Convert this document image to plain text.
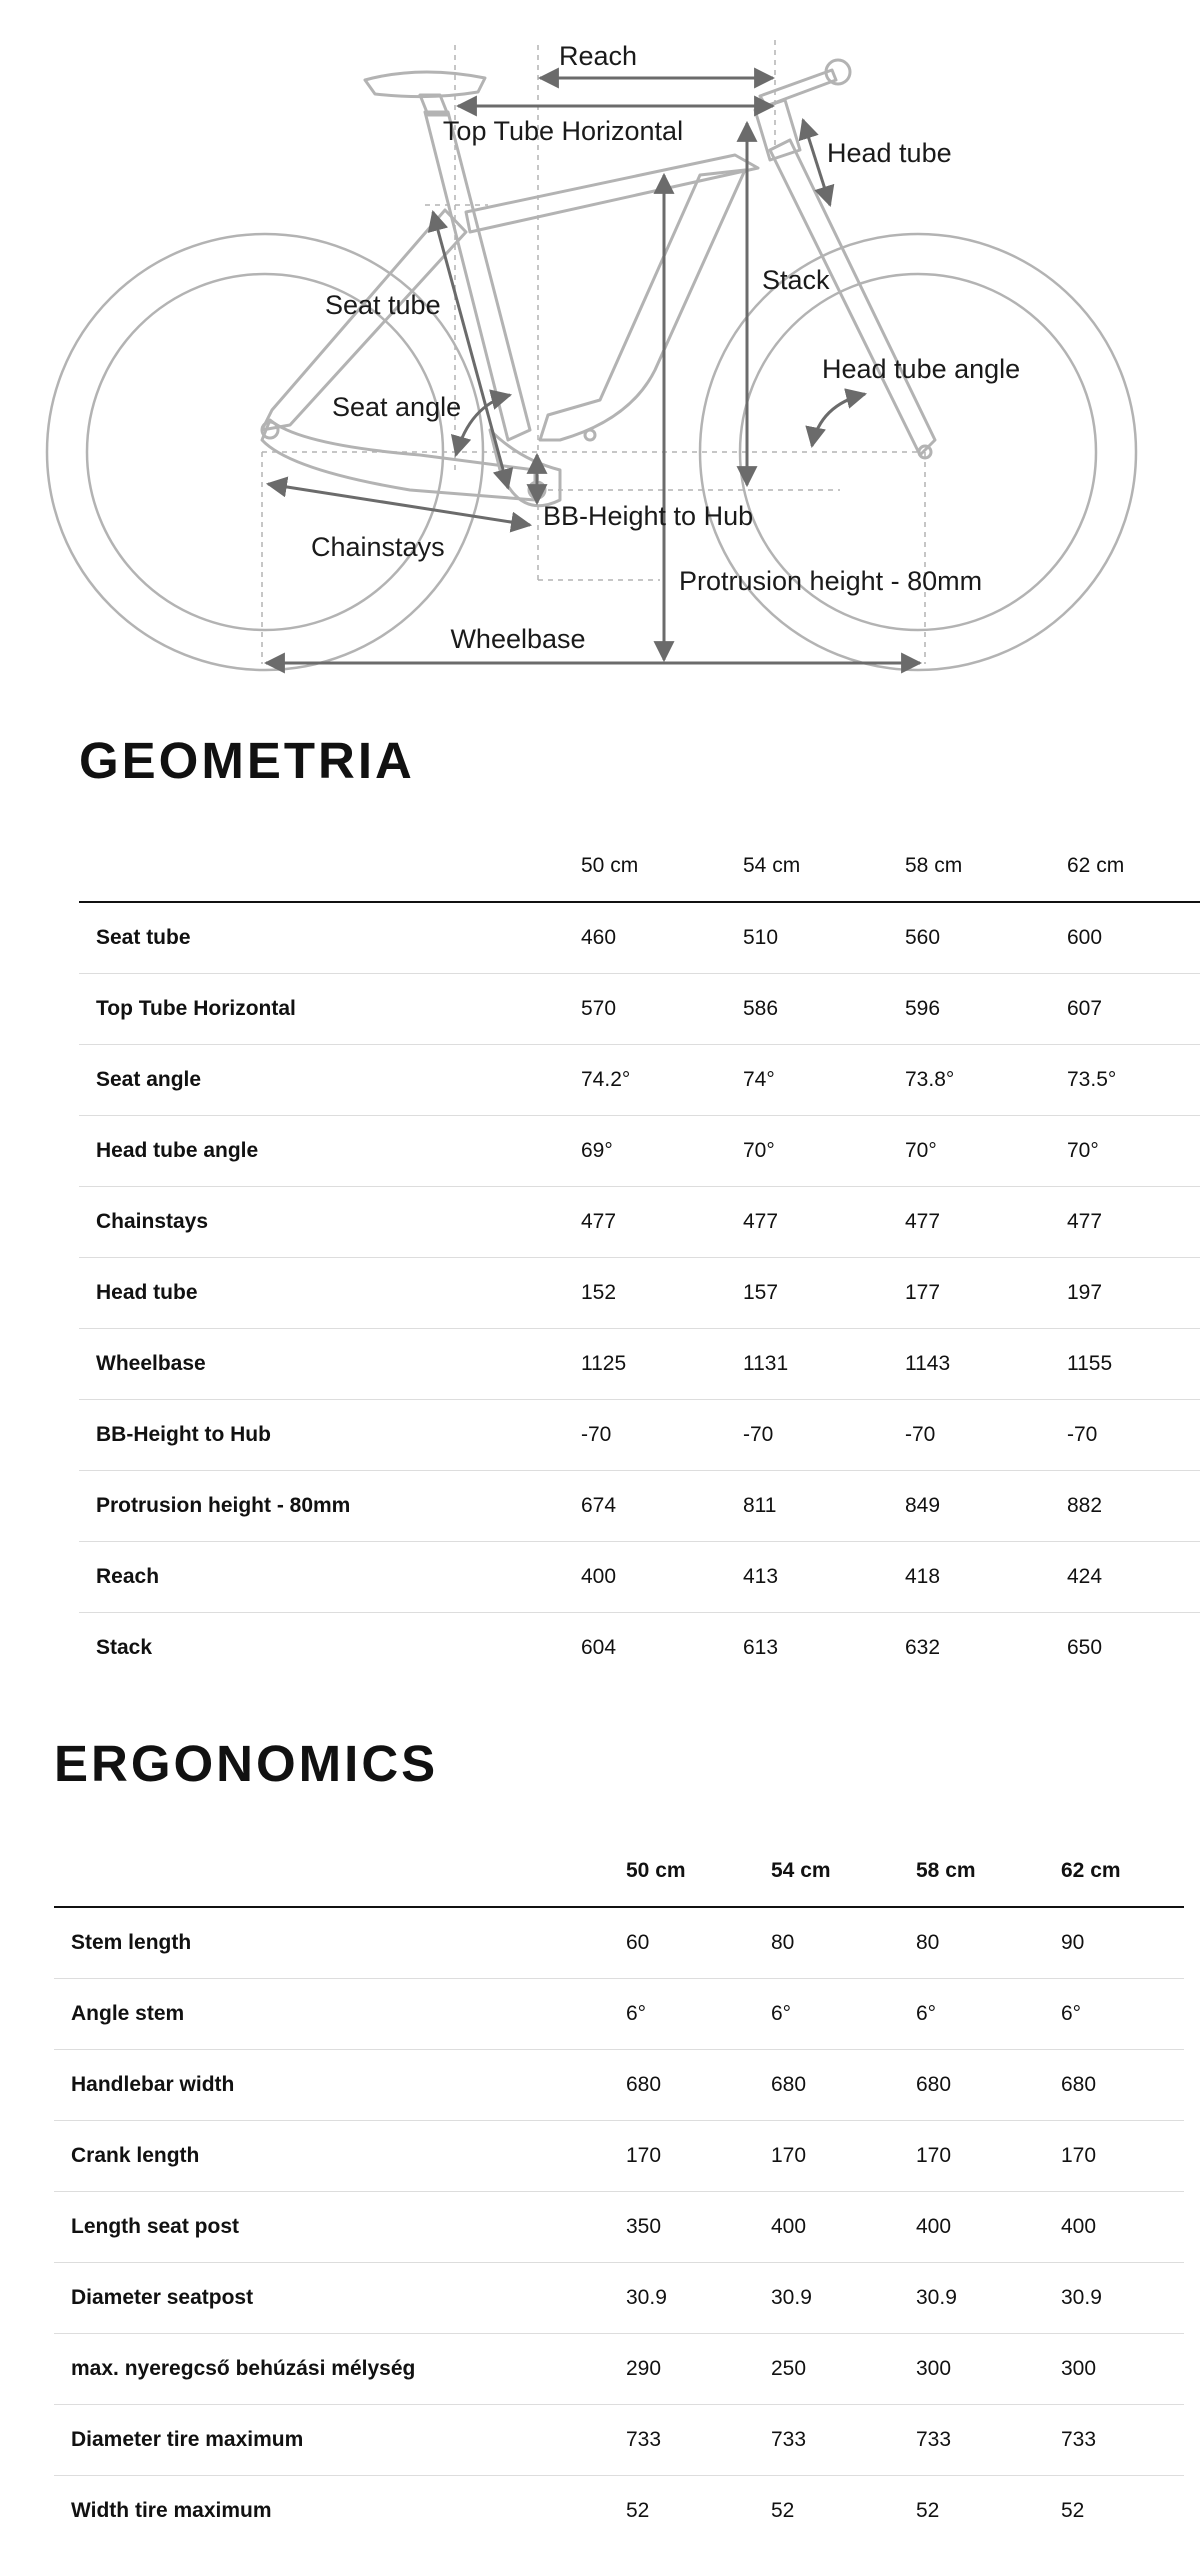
Reach
Top Tube Horizontal
Head tube
Stack
Seat tube
Head tube angle
Seat angle
BB-Height to Hub
Chainstays
Protrusion height - 80mm
Wheelbase
GEOMETRIA
	50 cm	54 cm	58 cm	62 cm
Seat tube	460	510	560	600
Top Tube Horizontal	570	586	596	607
Seat angle	74.2°	74°	73.8°	73.5°
Head tube angle	69°	70°	70°	70°
Chainstays	477	477	477	477
Head tube	152	157	177	197
Wheelbase	1125	1131	1143	1155
BB-Height to Hub	-70	-70	-70	-70
Protrusion height - 80mm	674	811	849	882
Reach	400	413	418	424
Stack	604	613	632	650
ERGONOMICS
	50 cm	54 cm	58 cm	62 cm
Stem length	60	80	80	90
Angle stem	6°	6°	6°	6°
Handlebar width	680	680	680	680
Crank length	170	170	170	170
Length seat post	350	400	400	400
Diameter seatpost	30.9	30.9	30.9	30.9
max. nyeregcső behúzási mélység	290	250	300	300
Diameter tire maximum	733	733	733	733
Width tire maximum	52	52	52	52
